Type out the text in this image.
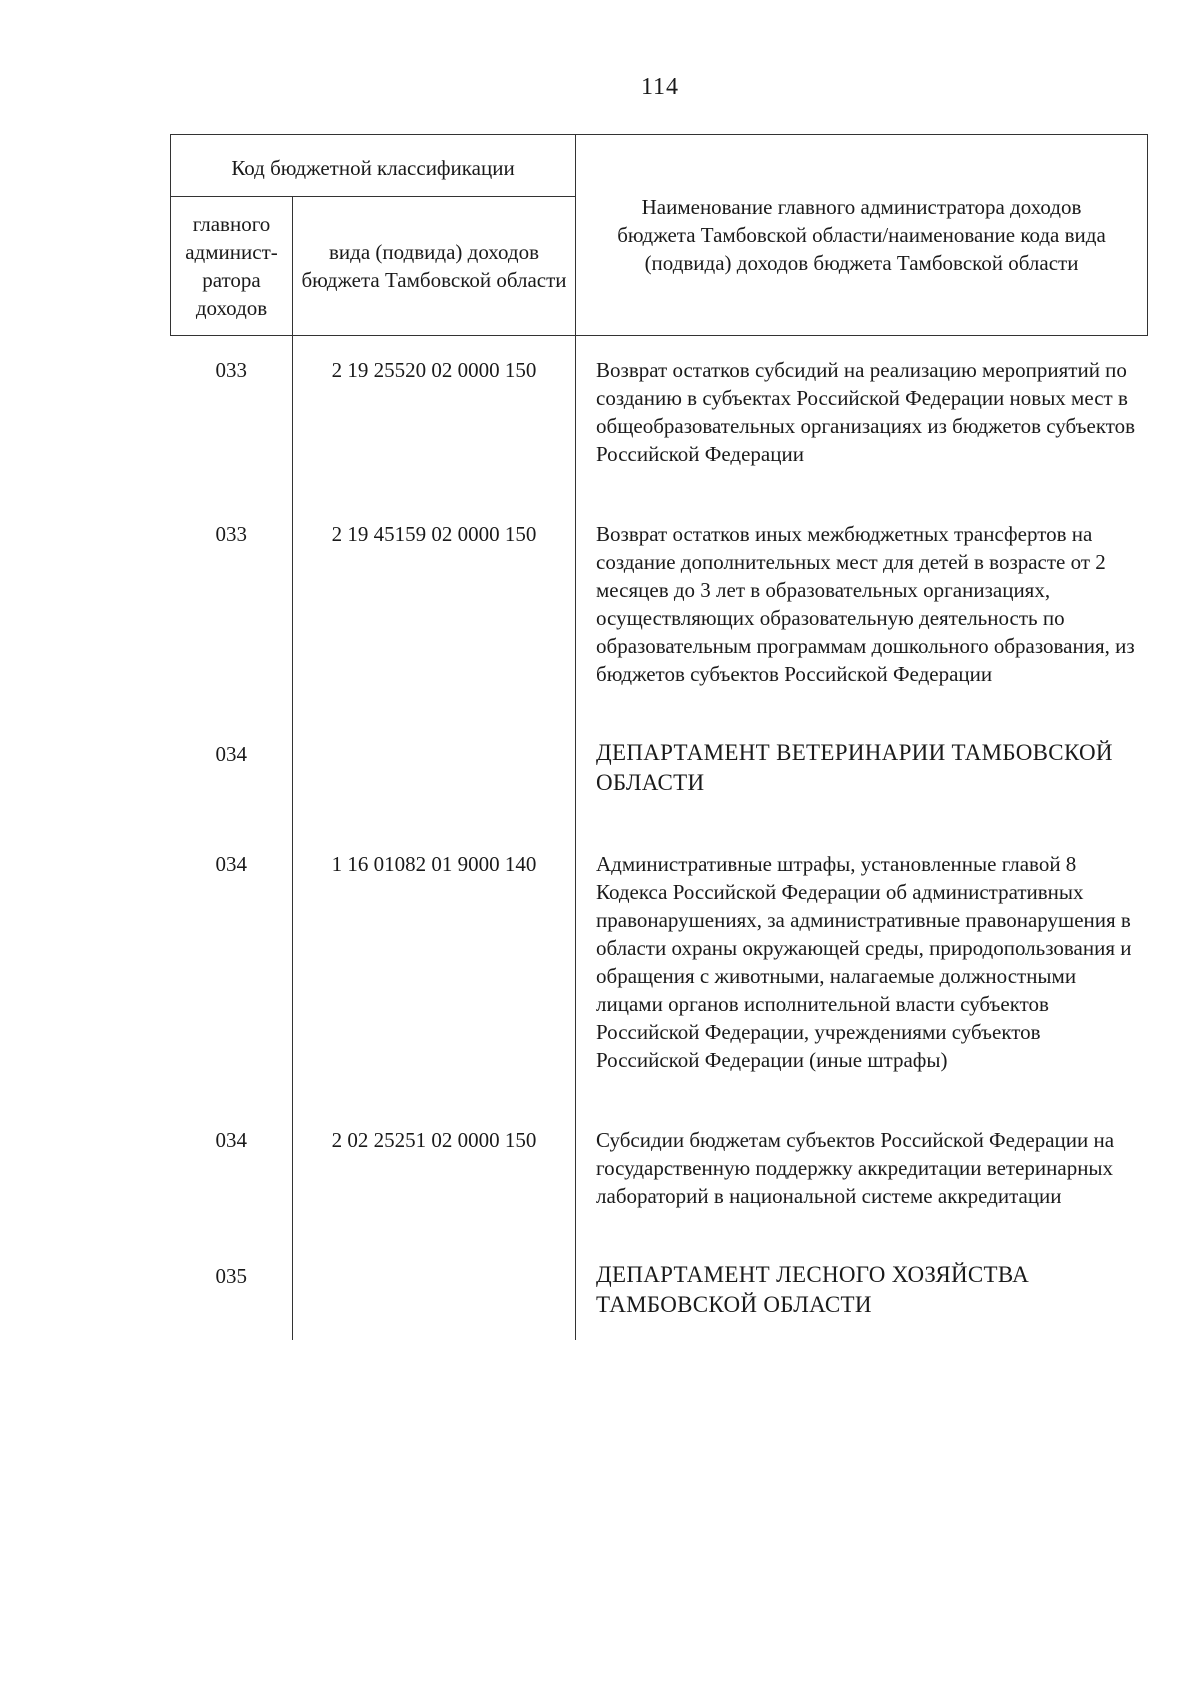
114
Код бюджетной классификации		Наименование главного администратора доходов бюджета Тамбовской области/наименование кода вида (подвида) доходов бюджета Тамбовской области
главного админист-ратора доходов	вида (подвида) доходов бюджета Тамбовской области	
033	2 19 25520 02 0000 150	Возврат остатков субсидий на реализацию мероприятий по созданию в субъектах Российской Федерации новых мест в общеобразовательных организациях из бюджетов субъектов Российской Федерации
033	2 19 45159 02 0000 150	Возврат остатков иных межбюджетных трансфертов на создание дополнительных мест для детей в возрасте от 2 месяцев до 3 лет в образовательных организациях, осуществляющих образовательную деятельность по образовательным программам дошкольного образования, из бюджетов субъектов Российской Федерации
034		ДЕПАРТАМЕНТ ВЕТЕРИНАРИИ ТАМБОВСКОЙ ОБЛАСТИ
034	1 16 01082 01 9000 140	Административные штрафы, установленные главой 8 Кодекса Российской Федерации об административных правонарушениях, за административные правонарушения в области охраны окружающей среды, природопользования и обращения с животными, налагаемые должностными лицами органов исполнительной власти субъектов Российской Федерации, учреждениями субъектов Российской Федерации (иные штрафы)
034	2 02 25251 02 0000 150	Субсидии бюджетам субъектов Российской Федерации на государственную поддержку аккредитации ветеринарных лабораторий в национальной системе аккредитации
035		ДЕПАРТАМЕНТ ЛЕСНОГО ХОЗЯЙСТВА ТАМБОВСКОЙ ОБЛАСТИ
